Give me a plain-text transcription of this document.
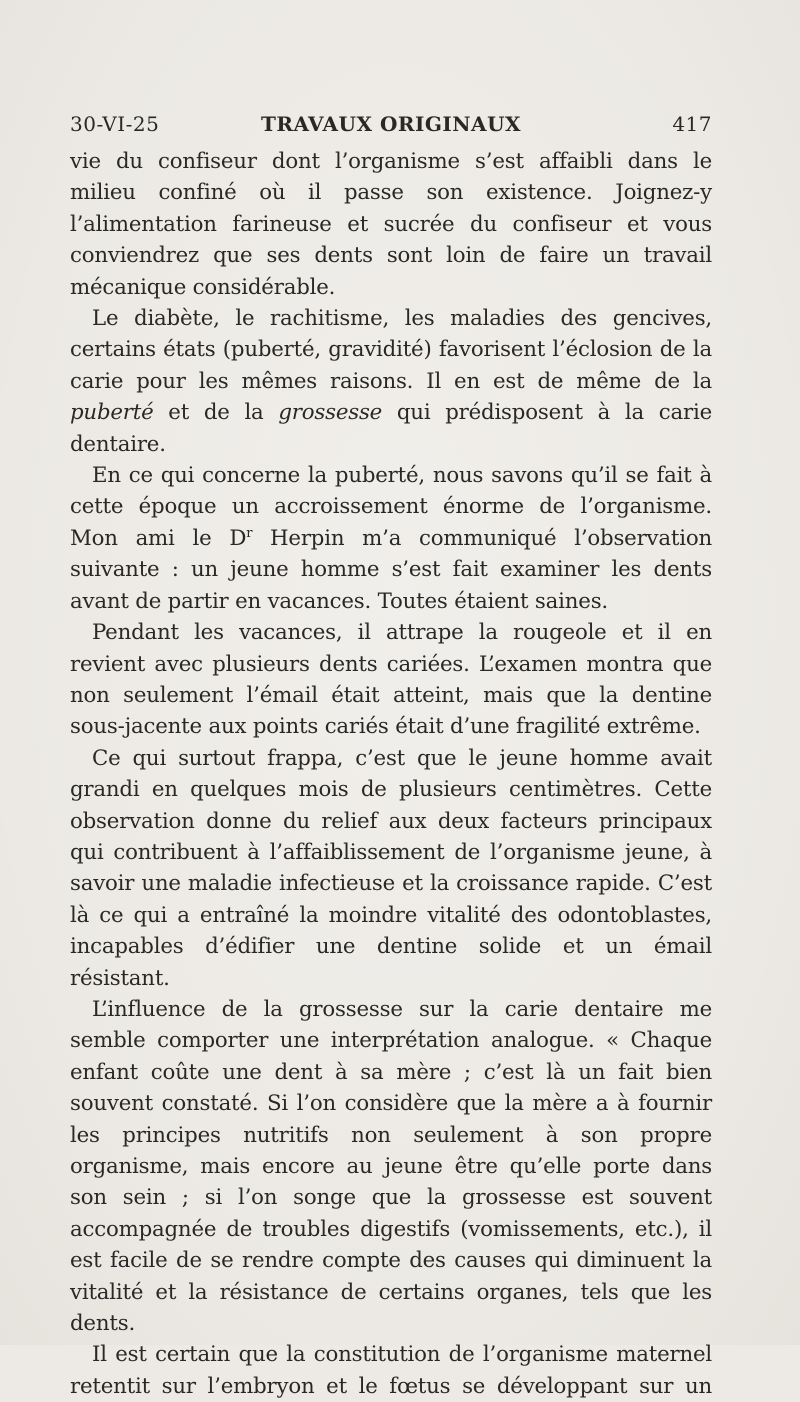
30-VI-25	TRAVAUX ORIGINAUX	417

vie du confiseur dont l’organisme s’est affaibli dans le milieu confiné où il passe son existence. Joignez-y l’alimentation farineuse et sucrée du confiseur et vous conviendrez que ses dents sont loin de faire un travail mécanique considérable.

Le diabète, le rachitisme, les maladies des gencives, certains états (puberté, gravidité) favorisent l’éclosion de la carie pour les mêmes raisons. Il en est de même de la puberté et de la grossesse qui prédisposent à la carie dentaire.

En ce qui concerne la puberté, nous savons qu’il se fait à cette époque un accroissement énorme de l’organisme. Mon ami le $D^r$ Herpin m’a communiqué l’observation suivante : un jeune homme s’est fait examiner les dents avant de partir en vacances. Toutes étaient saines.

Pendant les vacances, il attrape la rougeole et il en revient avec plusieurs dents cariées. L’examen montra que non seulement l’émail était atteint, mais que la dentine sous-jacente aux points cariés était d’une fragilité extrême.

Ce qui surtout frappa, c’est que le jeune homme avait grandi en quelques mois de plusieurs centimètres. Cette observation donne du relief aux deux facteurs principaux qui contribuent à l’affaiblissement de l’organisme jeune, à savoir une maladie infectieuse et la croissance rapide. C’est là ce qui a entraîné la moindre vitalité des odontoblastes, incapables d’édifier une dentine solide et un émail résistant.

L’influence de la grossesse sur la carie dentaire me semble comporter une interprétation analogue. « Chaque enfant coûte une dent à sa mère ; c’est là un fait bien souvent constaté. Si l’on considère que la mère a à fournir les principes nutritifs non seulement à son propre organisme, mais encore au jeune être qu’elle porte dans son sein ; si l’on songe que la grossesse est souvent accompagnée de troubles digestifs (vomissements, etc.), il est facile de se rendre compte des causes qui diminuent la vitalité et la résistance de certains organes, tels que les dents.

Il est certain que la constitution de l’organisme maternel retentit sur l’embryon et le fœtus se développant sur un
